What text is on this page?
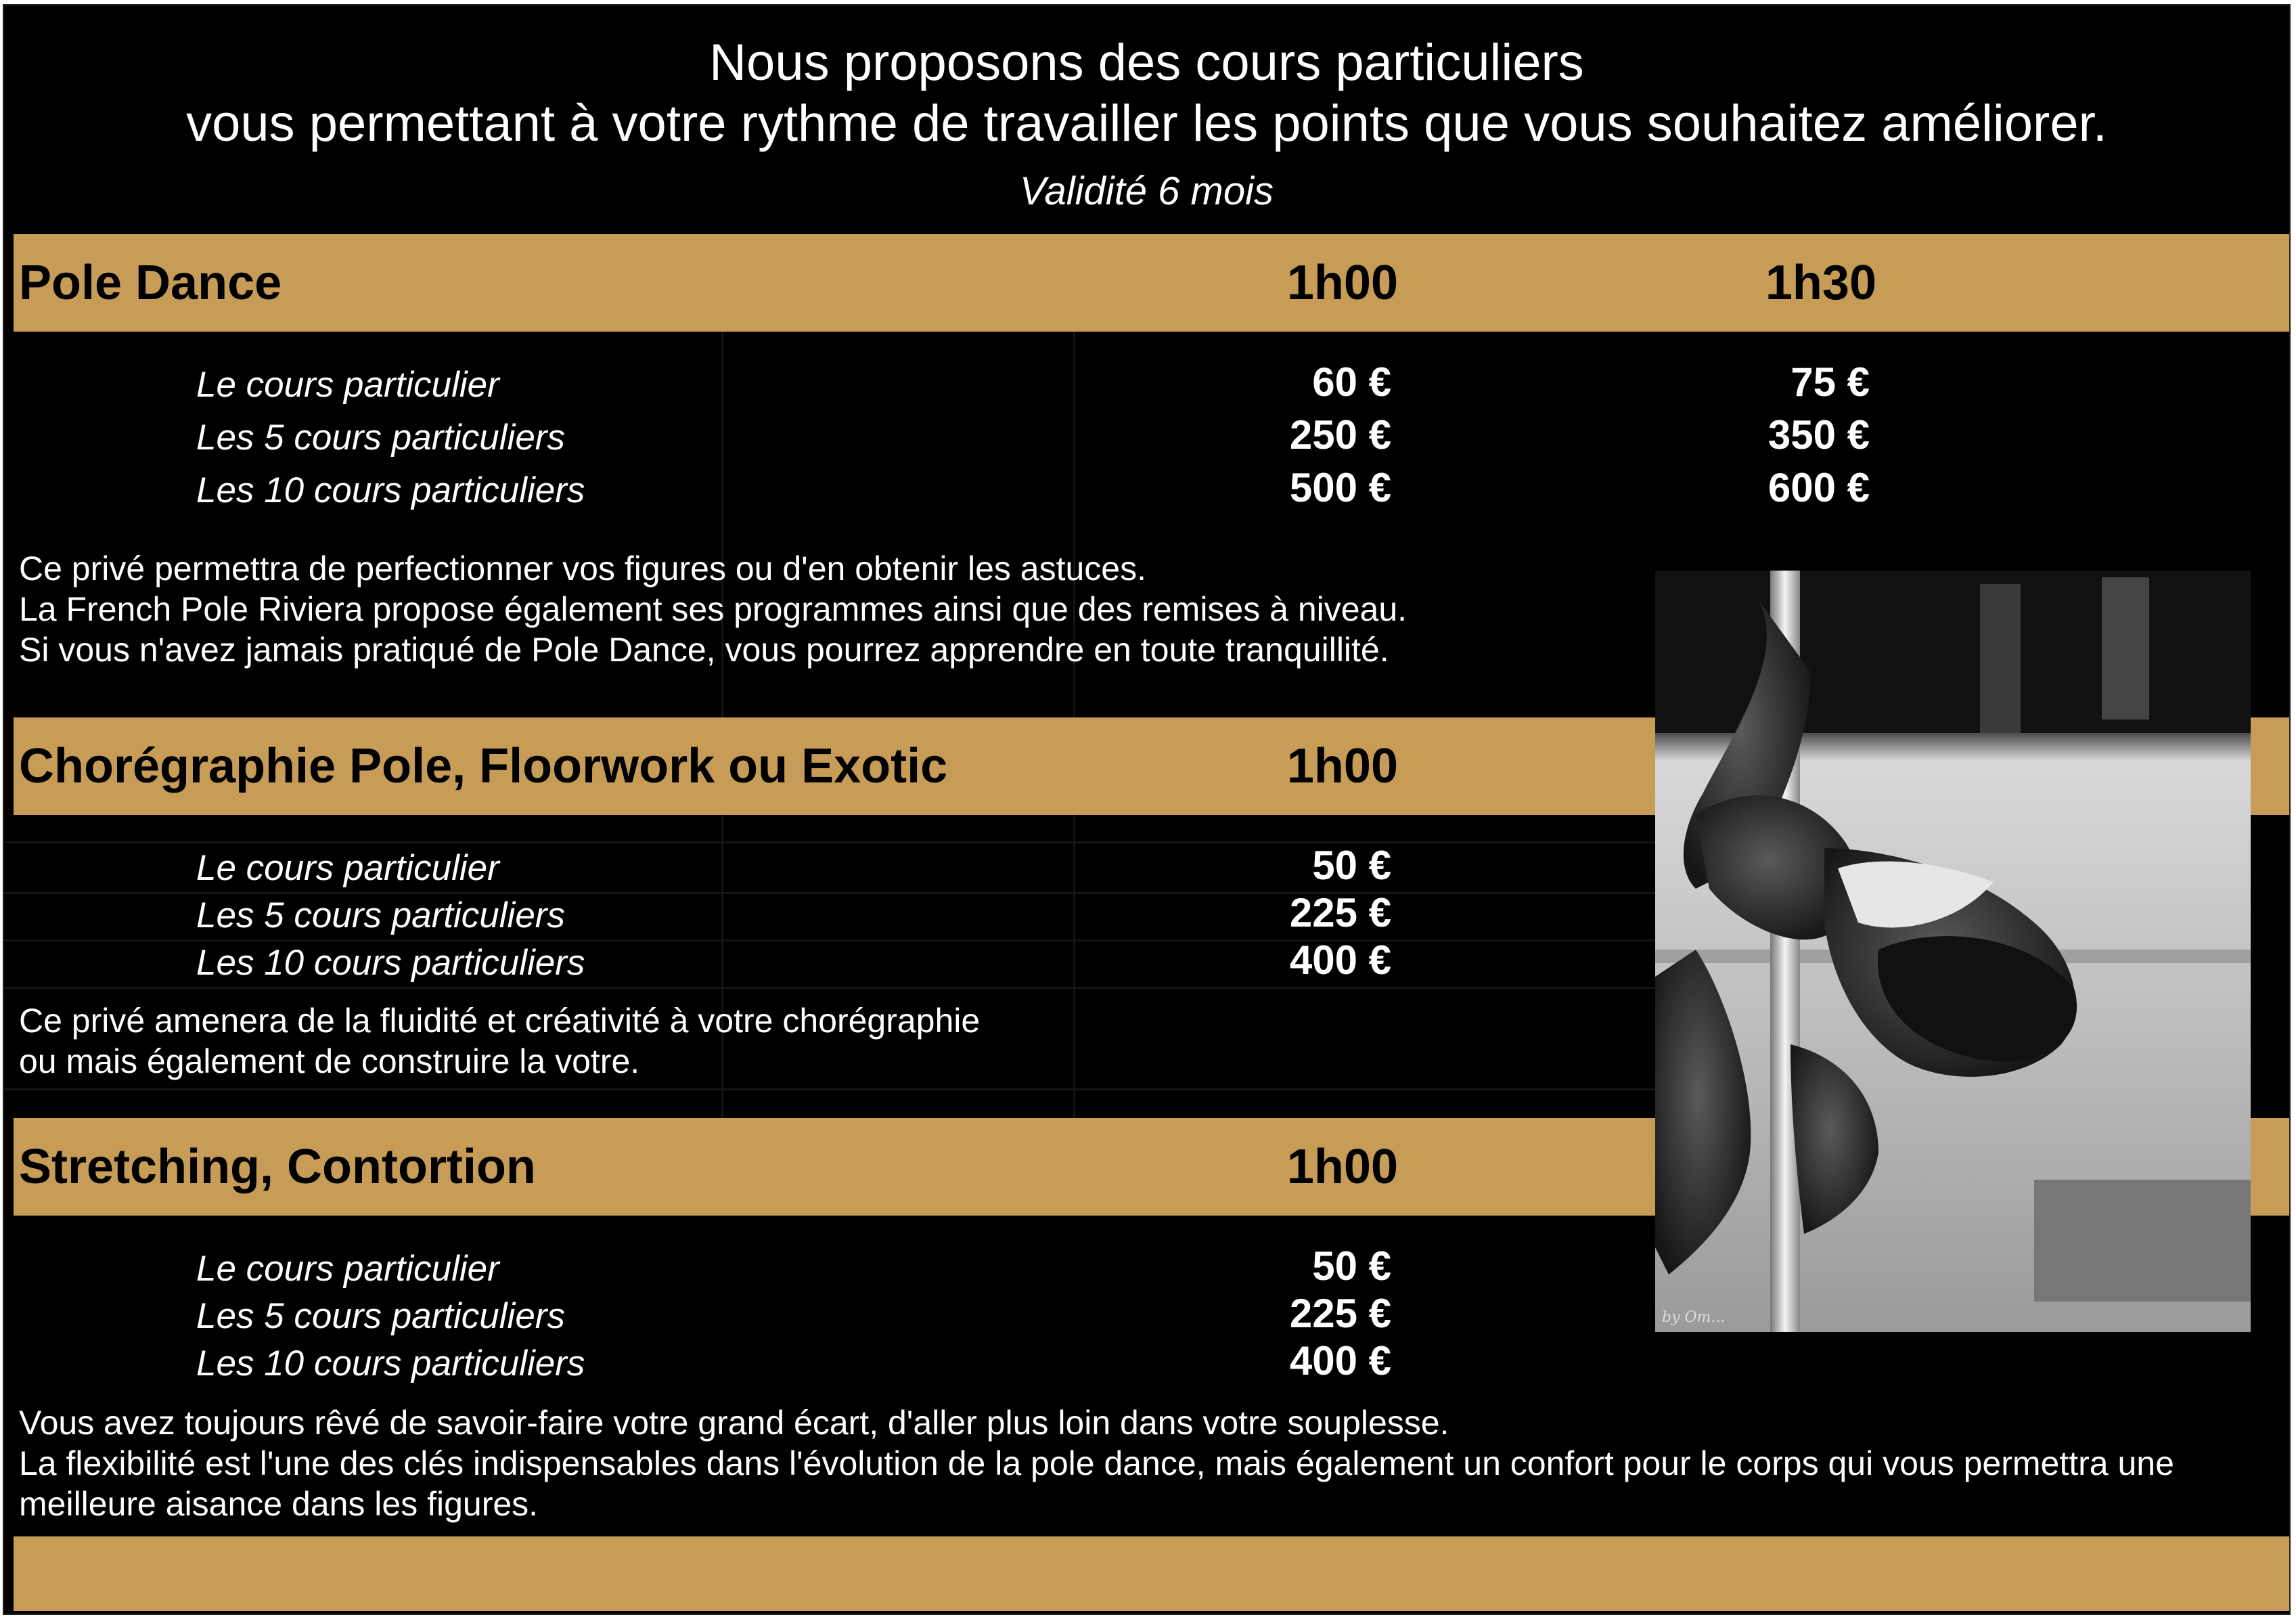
Nous proposons des cours particuliers
vous permettant à votre rythme de travailler les points que vous souhaitez améliorer.
Validité 6 mois
Pole Dance	1h00	1h30
Le cours particulier	60 €	75 €
Les 5 cours particuliers	250 €	350 €
Les 10 cours particuliers	500 €	600 €

Ce privé permettra de perfectionner vos figures ou d'en obtenir les astuces.

La French Pole Riviera propose également ses programmes ainsi que des remises à niveau.

Si vous n'avez jamais pratiqué de Pole Dance, vous pourrez apprendre en toute tranquillité.

Chorégraphie Pole, Floorwork ou Exotic	1h00
Le cours particulier	50 €
Les 5 cours particuliers	225 €
Les 10 cours particuliers	400 €

Ce privé amenera de la fluidité et créativité à votre chorégraphie

ou mais également de construire la votre.

Stretching, Contortion	1h00
Le cours particulier	50 €
Les 5 cours particuliers	225 €
Les 10 cours particuliers	400 €

Vous avez toujours rêvé de savoir-faire votre grand écart, d'aller plus loin dans votre souplesse.

La flexibilité est l'une des clés indispensables dans l'évolution de la pole dance, mais également un confort pour le corps qui vous permettra une

meilleure aisance dans les figures.

by Om...
